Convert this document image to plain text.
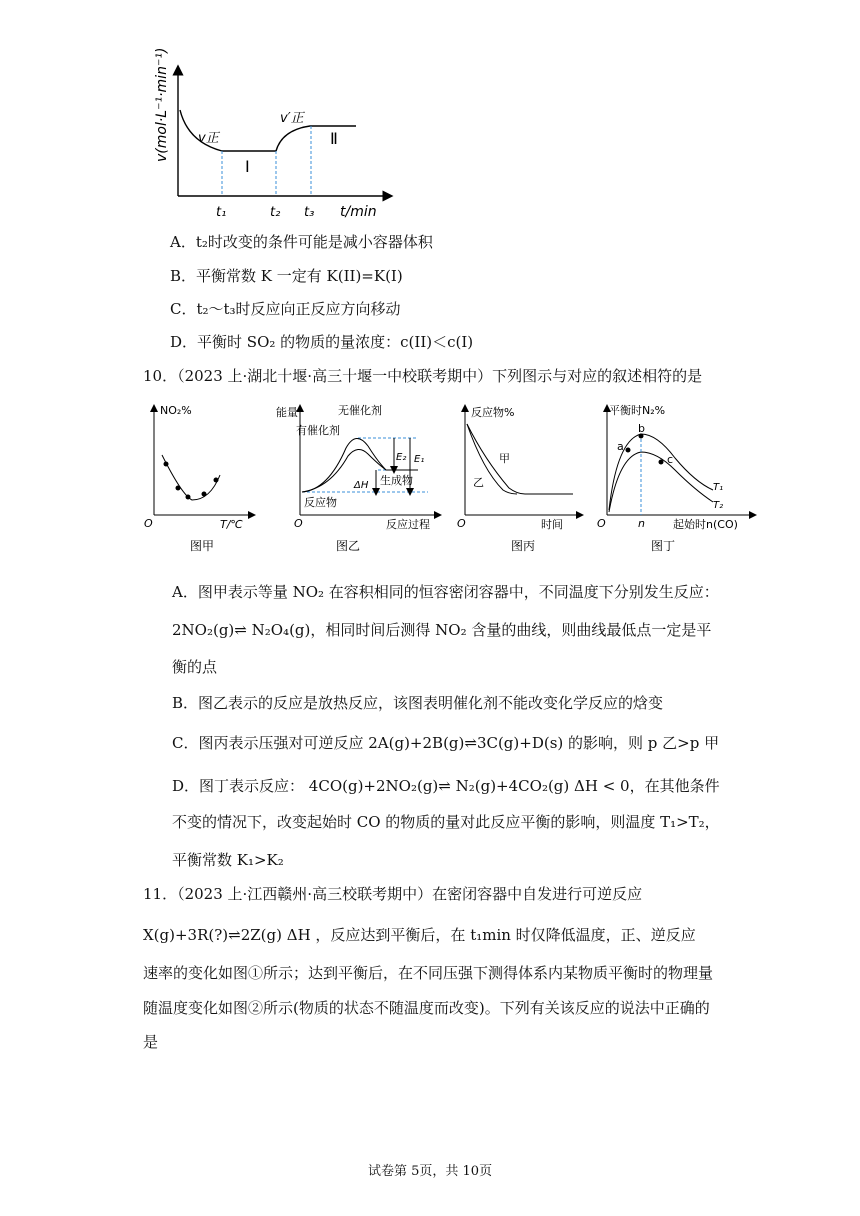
v(mol·L⁻¹·min⁻¹)
t/min
v正
v′正
Ⅰ
Ⅱ
t₁	t₂ t₃
A．t₂时改变的条件可能是减小容器体积
B．平衡常数 K 一定有 K(II)=K(I)
C．t₂～t₃时反应向正反应方向移动
D．平衡时 SO₂ 的物质的量浓度：c(II)＜c(I)
10．（2023 上·湖北十堰·高三十堰一中校联考期中）下列图示与对应的叙述相符的是
NO₂%
T/℃
O
图甲
能量	无催化剂
有催化剂
E₂ E₁
ΔH 生成物
反应物
反应过程
O
图乙
反应物%
甲
乙
时间
O
图丙
平衡时N₂%
a
b
c
T₁
T₂
n	起始时n(CO)
O
图丁
A．图甲表示等量 NO₂ 在容积相同的恒容密闭容器中，不同温度下分别发生反应：
2NO₂(g)⇌ N₂O₄(g)，相同时间后测得 NO₂ 含量的曲线，则曲线最低点一定是平
衡的点
B．图乙表示的反应是放热反应，该图表明催化剂不能改变化学反应的焓变
C．图丙表示压强对可逆反应 2A(g)+2B(g)⇌3C(g)+D(s) 的影响，则 p 乙>p 甲
D．图丁表示反应： 4CO(g)+2NO₂(g)⇌ N₂(g)+4CO₂(g) ΔH < 0，在其他条件
不变的情况下，改变起始时 CO 的物质的量对此反应平衡的影响，则温度 T₁>T₂，
平衡常数 K₁>K₂
11．（2023 上·江西赣州·高三校联考期中）在密闭容器中自发进行可逆反应
X(g)+3R(?)⇌2Z(g) ΔH ，反应达到平衡后，在 t₁min 时仅降低温度，正、逆反应
速率的变化如图①所示；达到平衡后，在不同压强下测得体系内某物质平衡时的物理量
随温度变化如图②所示(物质的状态不随温度而改变)。下列有关该反应的说法中正确的
是
试卷第 5页，共 10页
